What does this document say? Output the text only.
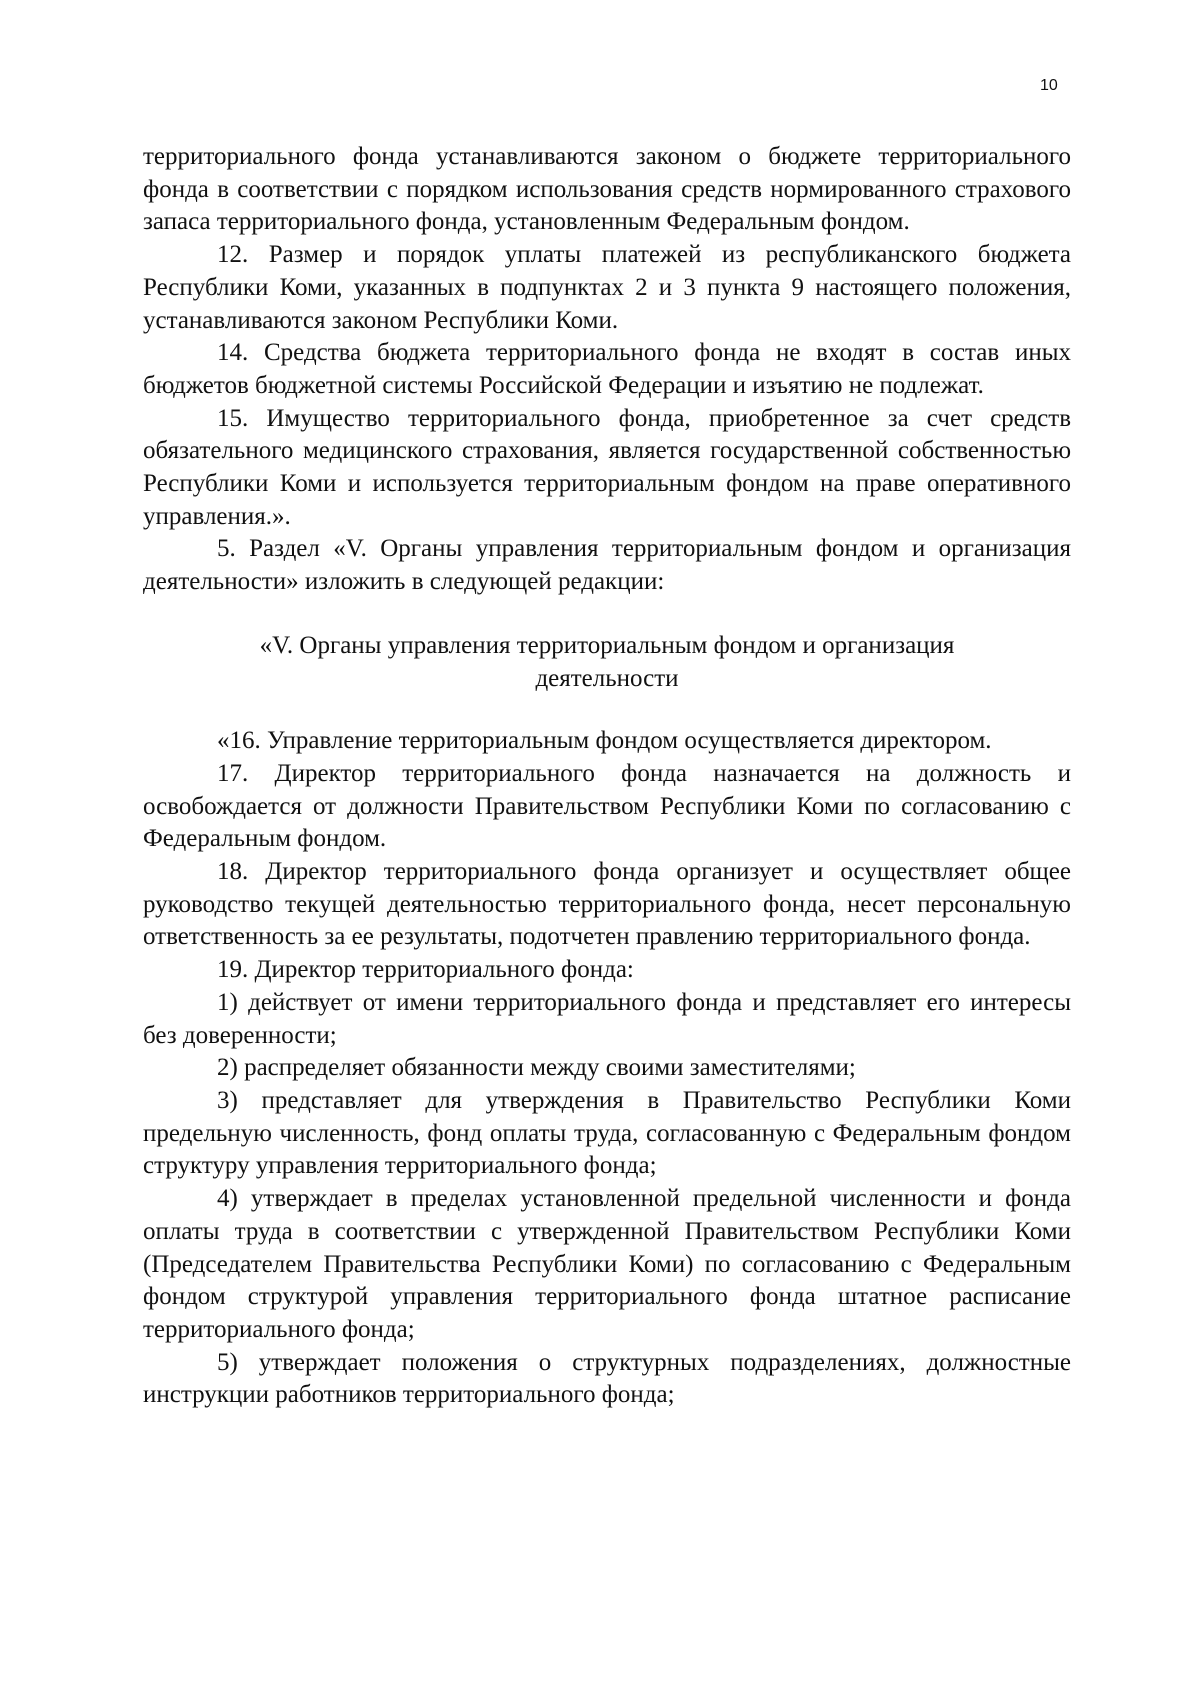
10

территориального фонда устанавливаются законом о бюджете территориального фонда в соответствии с порядком использования средств нормированного страхового запаса территориального фонда, установленным Федеральным фондом.

12. Размер и порядок уплаты платежей из республиканского бюджета Республики Коми, указанных в подпунктах 2 и 3 пункта 9 настоящего положения, устанавливаются законом Республики Коми.

14. Средства бюджета территориального фонда не входят в состав иных бюджетов бюджетной системы Российской Федерации и изъятию не подлежат.

15. Имущество территориального фонда, приобретенное за счет средств обязательного медицинского страхования, является государственной собственностью Республики Коми и используется территориальным фондом на праве оперативного управления.».

5. Раздел «V. Органы управления территориальным фондом и организация деятельности» изложить в следующей редакции:

«V. Органы управления территориальным фондом и организация

деятельности

«16. Управление территориальным фондом осуществляется директором.

17. Директор территориального фонда назначается на должность и освобождается от должности Правительством Республики Коми по согласованию с Федеральным фондом.

18. Директор территориального фонда организует и осуществляет общее руководство текущей деятельностью территориального фонда, несет персональную ответственность за ее результаты, подотчетен правлению территориального фонда.

19. Директор территориального фонда:

1) действует от имени территориального фонда и представляет его интересы без доверенности;

2) распределяет обязанности между своими заместителями;

3) представляет для утверждения в Правительство Республики Коми предельную численность, фонд оплаты труда, согласованную с Федеральным фондом структуру управления территориального фонда;

4) утверждает в пределах установленной предельной численности и фонда оплаты труда в соответствии с утвержденной Правительством Республики Коми (Председателем Правительства Республики Коми) по согласованию с Федеральным фондом структурой управления территориального фонда штатное расписание территориального фонда;

5) утверждает положения о структурных подразделениях, должностные инструкции работников территориального фонда;
